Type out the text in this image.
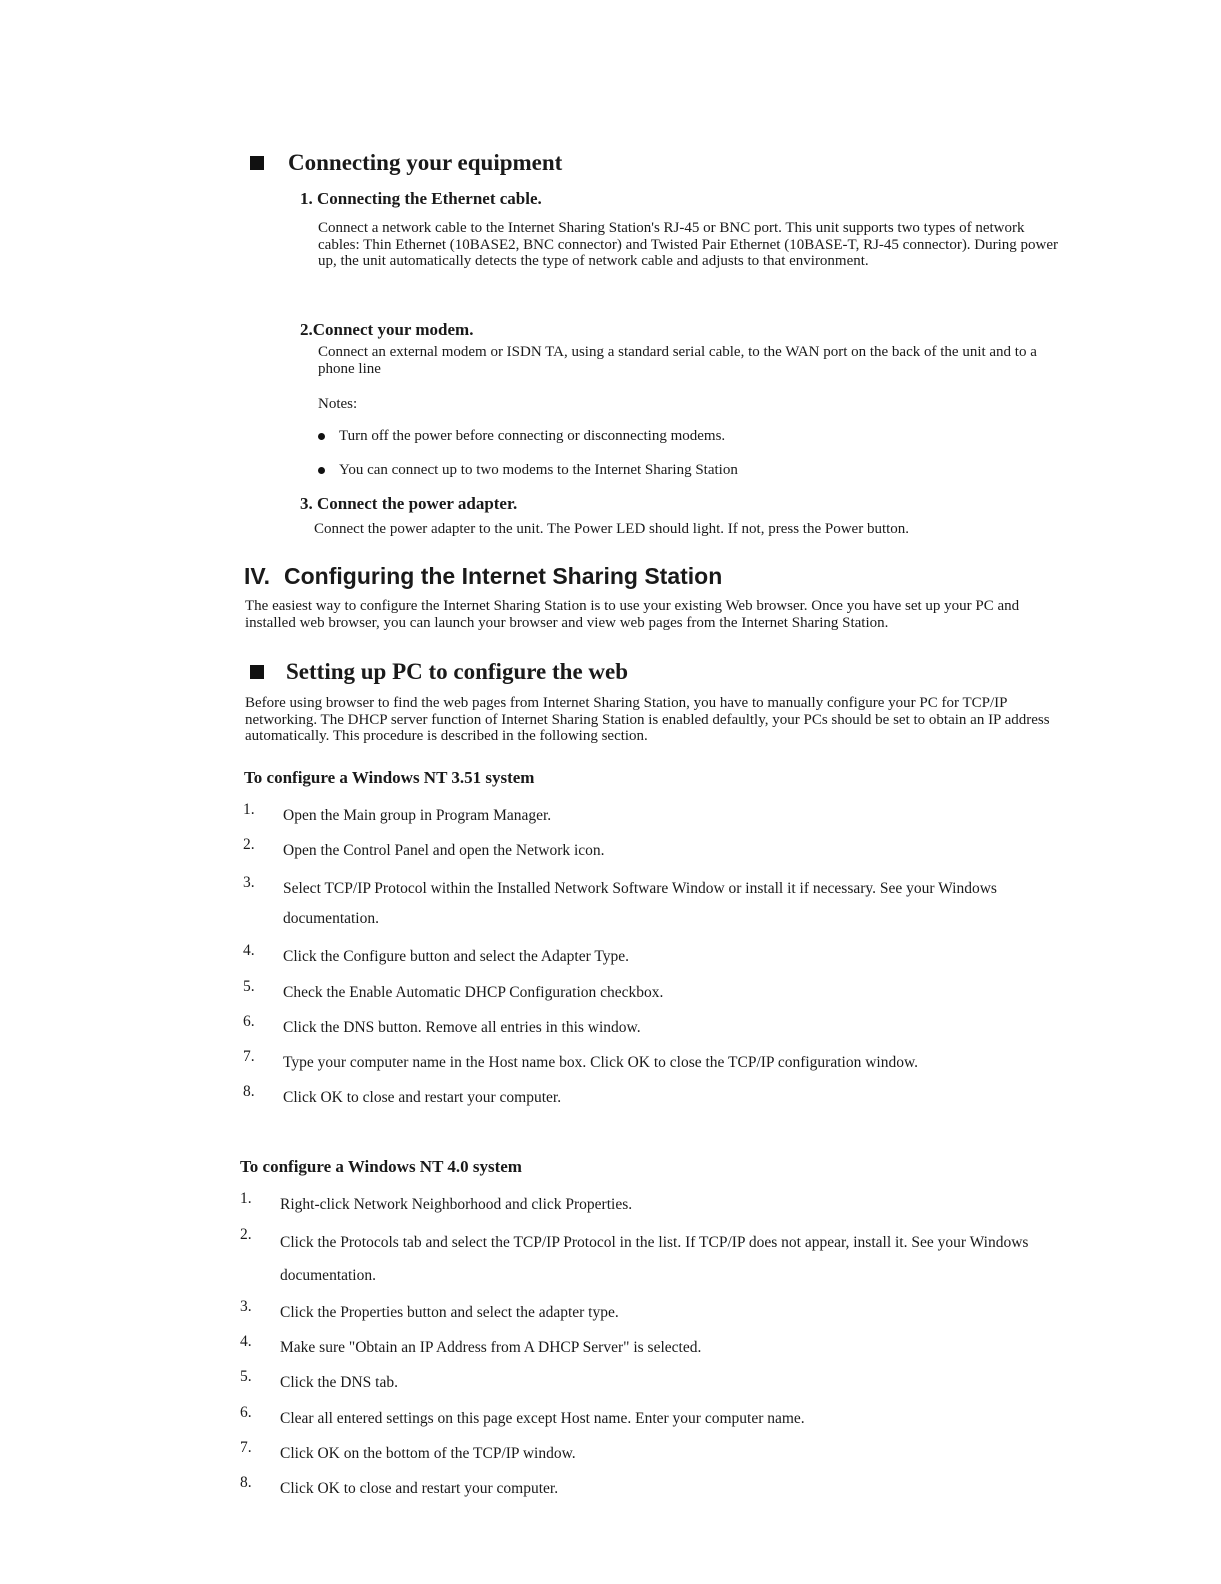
Connecting your equipment
1. Connecting the Ethernet cable.
Connect a network cable to the Internet Sharing Station's RJ-45 or BNC port. This unit supports two types of network cables: Thin Ethernet (10BASE2, BNC connector) and Twisted Pair Ethernet (10BASE-T, RJ-45 connector). During power up, the unit automatically detects the type of network cable and adjusts to that environment.
2.Connect your modem.
Connect an external modem or ISDN TA, using a standard serial cable, to the WAN port on the back of the unit and to a phone line
Notes:
Turn off the power before connecting or disconnecting modems.
You can connect up to two modems to the Internet Sharing Station
3. Connect the power adapter.
Connect the power adapter to the unit. The Power LED should light. If not, press the Power button.
IV. Configuring the Internet Sharing Station
The easiest way to configure the Internet Sharing Station is to use your existing Web browser. Once you have set up your PC and installed web browser, you can launch your browser and view web pages from the Internet Sharing Station.
Setting up PC to configure the web
Before using browser to find the web pages from Internet Sharing Station, you have to manually configure your PC for TCP/IP networking. The DHCP server function of Internet Sharing Station is enabled defaultly, your PCs should be set to obtain an IP address automatically. This procedure is described in the following section.
To configure a Windows NT 3.51 system
1.	Open the Main group in Program Manager.
2.	Open the Control Panel and open the Network icon.
3.	Select TCP/IP Protocol within the Installed Network Software Window or install it if necessary. See your Windows documentation.
4.	Click the Configure button and select the Adapter Type.
5.	Check the Enable Automatic DHCP Configuration checkbox.
6.	Click the DNS button. Remove all entries in this window.
7.	Type your computer name in the Host name box. Click OK to close the TCP/IP configuration window.
8.	Click OK to close and restart your computer.
To configure a Windows NT 4.0 system
1.	Right-click Network Neighborhood and click Properties.
2.	Click the Protocols tab and select the TCP/IP Protocol in the list. If TCP/IP does not appear, install it. See your Windows documentation.
3.	Click the Properties button and select the adapter type.
4.	Make sure "Obtain an IP Address from A DHCP Server" is selected.
5.	Click the DNS tab.
6.	Clear all entered settings on this page except Host name. Enter your computer name.
7.	Click OK on the bottom of the TCP/IP window.
8.	Click OK to close and restart your computer.
